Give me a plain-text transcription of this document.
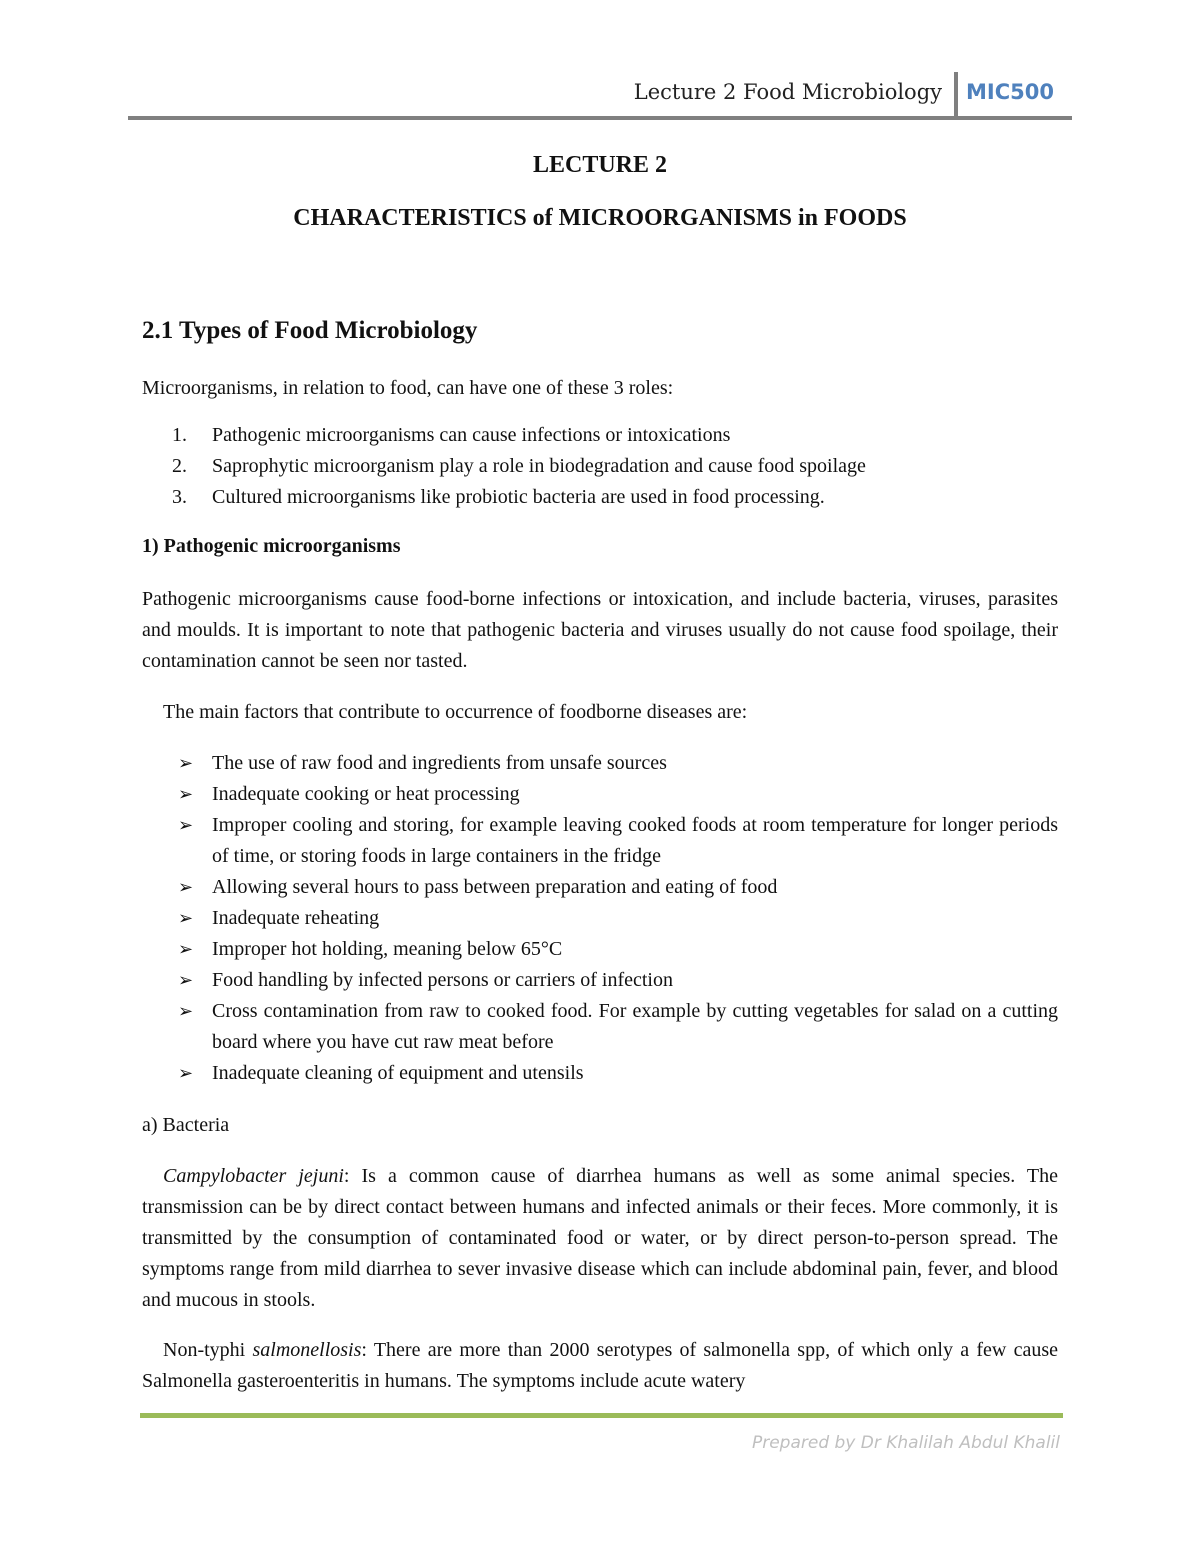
Lecture 2 Food Microbiology MIC500
LECTURE 2
CHARACTERISTICS of MICROORGANISMS in FOODS
2.1 Types of Food Microbiology
Microorganisms, in relation to food, can have one of these 3 roles:
1. Pathogenic microorganisms can cause infections or intoxications
2. Saprophytic microorganism play a role in biodegradation and cause food spoilage
3. Cultured microorganisms like probiotic bacteria are used in food processing.
1) Pathogenic microorganisms
Pathogenic microorganisms cause food-borne infections or intoxication, and include bacteria, viruses, parasites and moulds. It is important to note that pathogenic bacteria and viruses usually do not cause food spoilage, their contamination cannot be seen nor tasted.
The main factors that contribute to occurrence of foodborne diseases are:
➢ The use of raw food and ingredients from unsafe sources
➢ Inadequate cooking or heat processing
➢ Improper cooling and storing, for example leaving cooked foods at room temperature for longer periods of time, or storing foods in large containers in the fridge
➢ Allowing several hours to pass between preparation and eating of food
➢ Inadequate reheating
➢ Improper hot holding, meaning below 65°C
➢ Food handling by infected persons or carriers of infection
➢ Cross contamination from raw to cooked food. For example by cutting vegetables for salad on a cutting board where you have cut raw meat before
➢ Inadequate cleaning of equipment and utensils
a) Bacteria
Campylobacter jejuni: Is a common cause of diarrhea humans as well as some animal species. The transmission can be by direct contact between humans and infected animals or their feces. More commonly, it is transmitted by the consumption of contaminated food or water, or by direct person-to-person spread. The symptoms range from mild diarrhea to sever invasive disease which can include abdominal pain, fever, and blood and mucous in stools.
Non-typhi salmonellosis: There are more than 2000 serotypes of salmonella spp, of which only a few cause Salmonella gasteroenteritis in humans. The symptoms include acute watery
Prepared by Dr Khalilah Abdul Khalil
